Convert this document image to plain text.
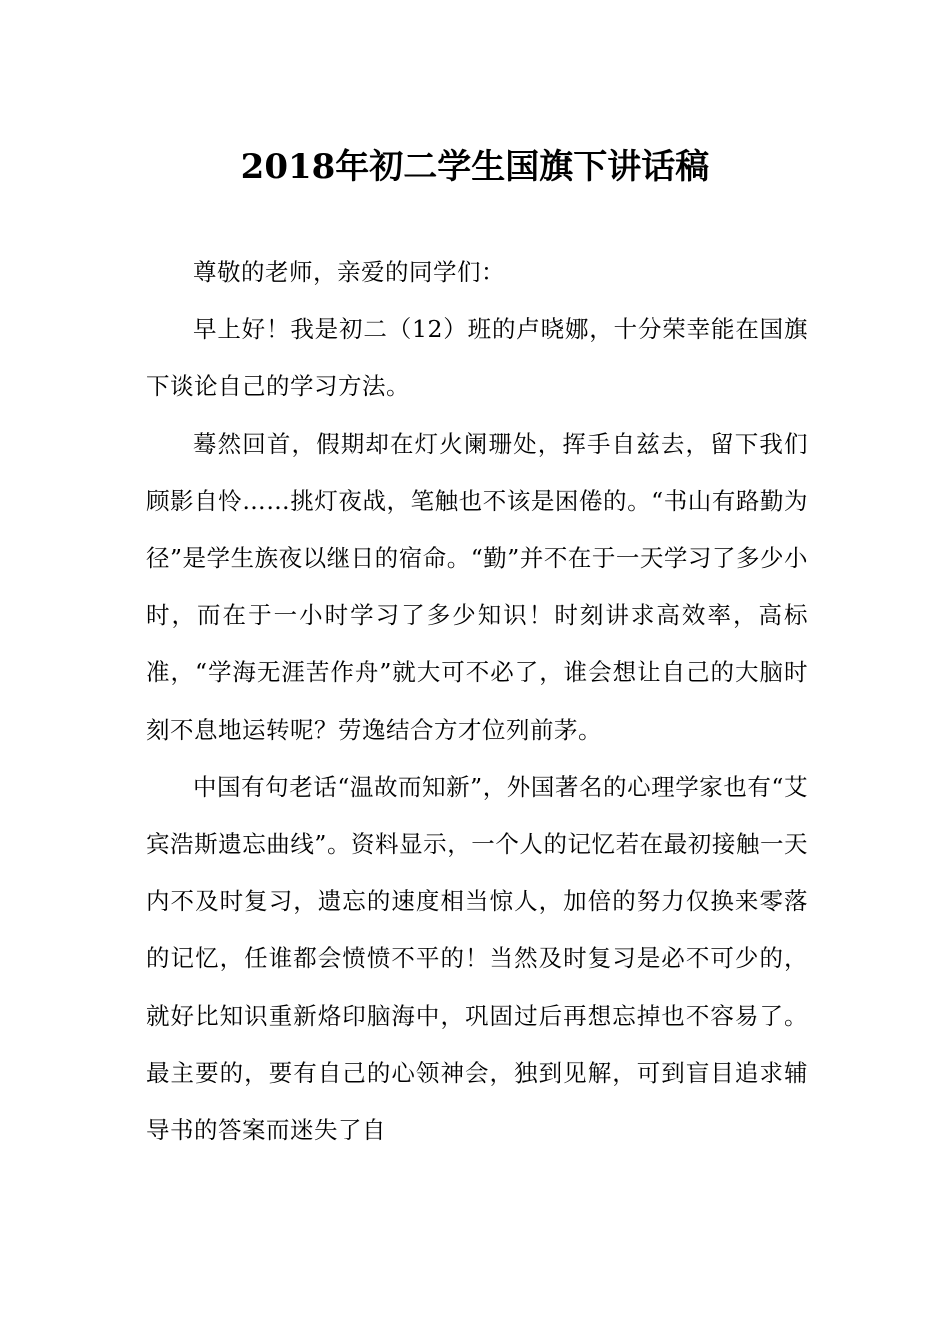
2018年初二学生国旗下讲话稿

尊敬的老师，亲爱的同学们：

早上好！我是初二（12）班的卢晓娜，十分荣幸能在国旗下谈论自己的学习方法。

蓦然回首，假期却在灯火阑珊处，挥手自兹去，留下我们顾影自怜……挑灯夜战，笔触也不该是困倦的。“书山有路勤为径”是学生族夜以继日的宿命。“勤”并不在于一天学习了多少小时，而在于一小时学习了多少知识！时刻讲求高效率，高标准，“学海无涯苦作舟”就大可不必了，谁会想让自己的大脑时刻不息地运转呢？劳逸结合方才位列前茅。

中国有句老话“温故而知新”，外国著名的心理学家也有“艾宾浩斯遗忘曲线”。资料显示，一个人的记忆若在最初接触一天内不及时复习，遗忘的速度相当惊人，加倍的努力仅换来零落的记忆，任谁都会愤愤不平的！当然及时复习是必不可少的，就好比知识重新烙印脑海中，巩固过后再想忘掉也不容易了。最主要的，要有自己的心领神会，独到见解，可到盲目追求辅导书的答案而迷失了自
